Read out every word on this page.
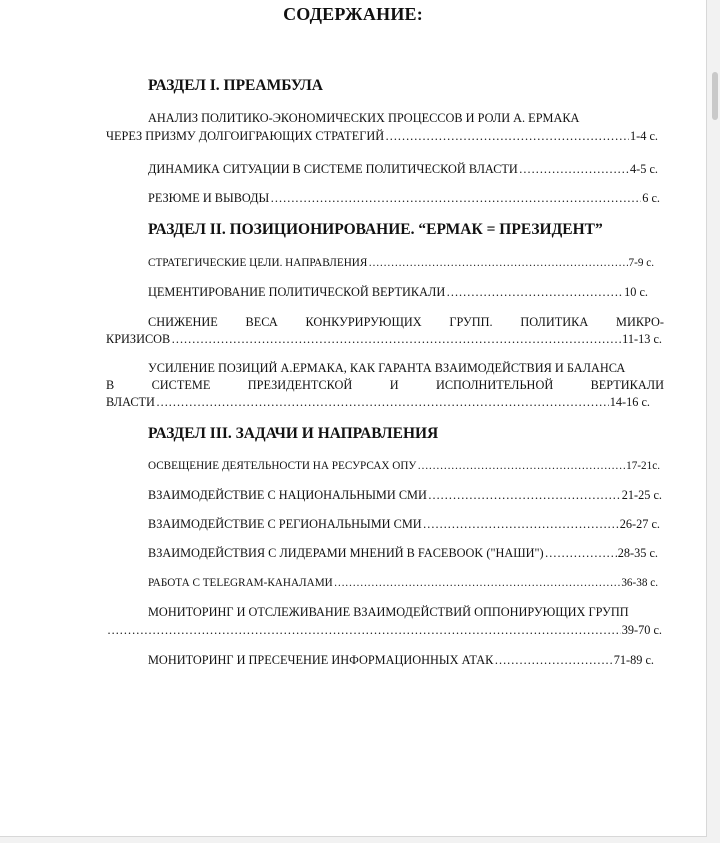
СОДЕРЖАНИЕ:
РАЗДЕЛ I. ПРЕАМБУЛА
АНАЛИЗ ПОЛИТИКО-ЭКОНОМИЧЕСКИХ ПРОЦЕССОВ И РОЛИ А. ЕРМАКА
ЧЕРЕЗ ПРИЗМУ ДОЛГОИГРАЮЩИХ СТРАТЕГИЙ ……………………………………………………………………………………………………………………………………………………………………………………………………………	1-4 с.
ДИНАМИКА СИТУАЦИИ В СИСТЕМЕ ПОЛИТИЧЕСКОЙ ВЛАСТИ ……………………………………………………………………………………………………………………………………………………………………………………………………………	4-5 с.
РЕЗЮМЕ И ВЫВОДЫ ……………………………………………………………………………………………………………………………………………………………………………………………………………	6 с.
РАЗДЕЛ II. ПОЗИЦИОНИРОВАНИЕ. “ЕРМАК = ПРЕЗИДЕНТ”
СТРАТЕГИЧЕСКИЕ ЦЕЛИ. НАПРАВЛЕНИЯ ……………………………………………………………………………………………………………………………………………………………………………………………………………	7-9 с.
ЦЕМЕНТИРОВАНИЕ ПОЛИТИЧЕСКОЙ ВЕРТИКАЛИ ……………………………………………………………………………………………………………………………………………………………………………………………………………	10 с.
СНИЖЕНИЕ ВЕСА КОНКУРИРУЮЩИХ ГРУПП. ПОЛИТИКА МИКРО-
КРИЗИСОВ ……………………………………………………………………………………………………………………………………………………………………………………………………………	11-13 с.
УСИЛЕНИЕ ПОЗИЦИЙ А.ЕРМАКА, КАК ГАРАНТА ВЗАИМОДЕЙСТВИЯ И БАЛАНСА
В СИСТЕМЕ ПРЕЗИДЕНТСКОЙ И ИСПОЛНИТЕЛЬНОЙ ВЕРТИКАЛИ
ВЛАСТИ ……………………………………………………………………………………………………………………………………………………………………………………………………………	14-16 с.
РАЗДЕЛ III. ЗАДАЧИ И НАПРАВЛЕНИЯ
ОСВЕЩЕНИЕ ДЕЯТЕЛЬНОСТИ НА РЕСУРСАХ ОПУ ……………………………………………………………………………………………………………………………………………………………………………………………………………	17-21с.
ВЗАИМОДЕЙСТВИЕ С НАЦИОНАЛЬНЫМИ СМИ ……………………………………………………………………………………………………………………………………………………………………………………………………………	21-25 с.
ВЗАИМОДЕЙСТВИЕ С РЕГИОНАЛЬНЫМИ СМИ ……………………………………………………………………………………………………………………………………………………………………………………………………………	26-27 с.
ВЗАИМОДЕЙСТВИЯ С ЛИДЕРАМИ МНЕНИЙ В FACEBOOK ("НАШИ") ……………………………………………………………………………………………………………………………………………………………………………………………………………	28-35 с.
РАБОТА С TELEGRAM-КАНАЛАМИ ……………………………………………………………………………………………………………………………………………………………………………………………………………	36-38 с.
МОНИТОРИНГ И ОТСЛЕЖИВАНИЕ ВЗАИМОДЕЙСТВИЙ ОППОНИРУЮЩИХ ГРУПП
……………………………………………………………………………………………………………………………………………………………………………………………………………
39-70 с.
МОНИТОРИНГ И ПРЕСЕЧЕНИЕ ИНФОРМАЦИОННЫХ АТАК ……………………………………………………………………………………………………………………………………………………………………………………………………………	71-89 с.
